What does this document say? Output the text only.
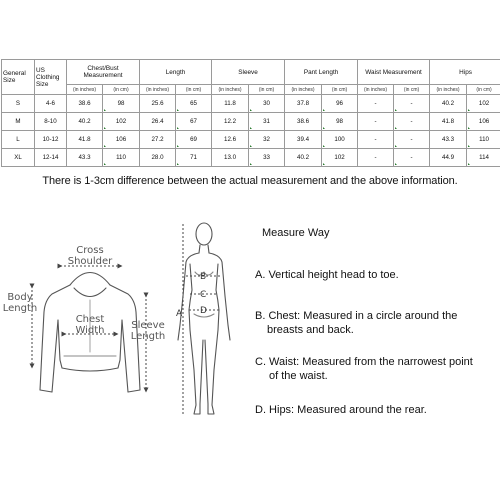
General Size	US Clothing Size	Chest/Bust Measurement		Length		Sleeve		Pant Length		Waist Measurement		Hips	
		(in inches)	(in cm)	(in inches)	(in cm)	(in inches)	(in cm)	(in inches)	(in cm)	(in inches)	(in cm)	(in inches)	(in cm)
S	4-6	38.6	98	25.6	65	11.8	30	37.8	96	-	-	40.2	102
M	8-10	40.2	102	26.4	67	12.2	31	38.6	98	-	-	41.8	106
L	10-12	41.8	106	27.2	69	12.6	32	39.4	100	-	-	43.3	110
XL	12-14	43.3	110	28.0	71	13.0	33	40.2	102	-	-	44.9	114
There is 1-3cm difference between the actual measurement and the above information.
Cross
Shoulder
Body
Length
Chest
Width	Sleeve
Length
B
C
D
A
Measure Way
A. Vertical height head to toe.
B. Chest: Measured in a circle around the
breasts and back.
C. Waist: Measured from the narrowest point
of the waist.
D. Hips: Measured around the rear.
